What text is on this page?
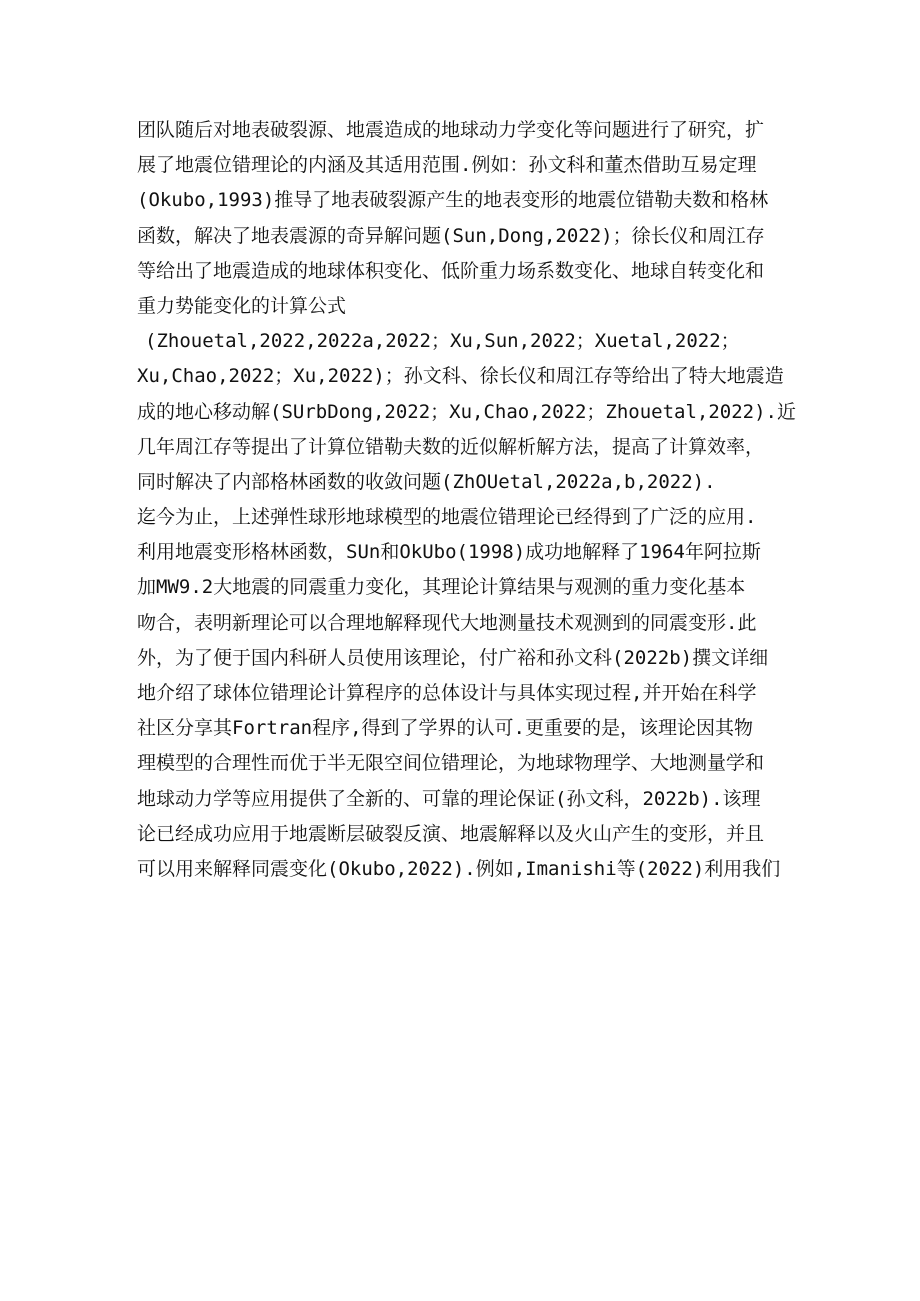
团队随后对地表破裂源、地震造成的地球动力学变化等问题进行了研究，扩
展了地震位错理论的内涵及其适用范围.例如：孙文科和董杰借助互易定理
(Okubo,1993)推导了地表破裂源产生的地表变形的地震位错勒夫数和格林
函数，解决了地表震源的奇异解问题(Sun,Dong,2022)；徐长仪和周江存
等给出了地震造成的地球体积变化、低阶重力场系数变化、地球自转变化和
重力势能变化的计算公式
(Zhouetal,2022,2022a,2022；Xu,Sun,2022；Xuetal,2022；
Xu,Chao,2022；Xu,2022)；孙文科、徐长仪和周江存等给出了特大地震造
成的地心移动解(SUrbDong,2022；Xu,Chao,2022；Zhouetal,2022).近
几年周江存等提出了计算位错勒夫数的近似解析解方法，提高了计算效率，
同时解决了内部格林函数的收敛问题(ZhOUetal,2022a,b,2022).
迄今为止，上述弹性球形地球模型的地震位错理论已经得到了广泛的应用.
利用地震变形格林函数，SUn和OkUbo(1998)成功地解释了1964年阿拉斯
加MW9.2大地震的同震重力变化，其理论计算结果与观测的重力变化基本
吻合，表明新理论可以合理地解释现代大地测量技术观测到的同震变形.此
外，为了便于国内科研人员使用该理论，付广裕和孙文科(2022b)撰文详细
地介绍了球体位错理论计算程序的总体设计与具体实现过程,并开始在科学
社区分享其Fortran程序,得到了学界的认可.更重要的是，该理论因其物
理模型的合理性而优于半无限空间位错理论，为地球物理学、大地测量学和
地球动力学等应用提供了全新的、可靠的理论保证(孙文科，2022b).该理
论已经成功应用于地震断层破裂反演、地震解释以及火山产生的变形，并且
可以用来解释同震变化(Okubo,2022).例如,Imanishi等(2022)利用我们
